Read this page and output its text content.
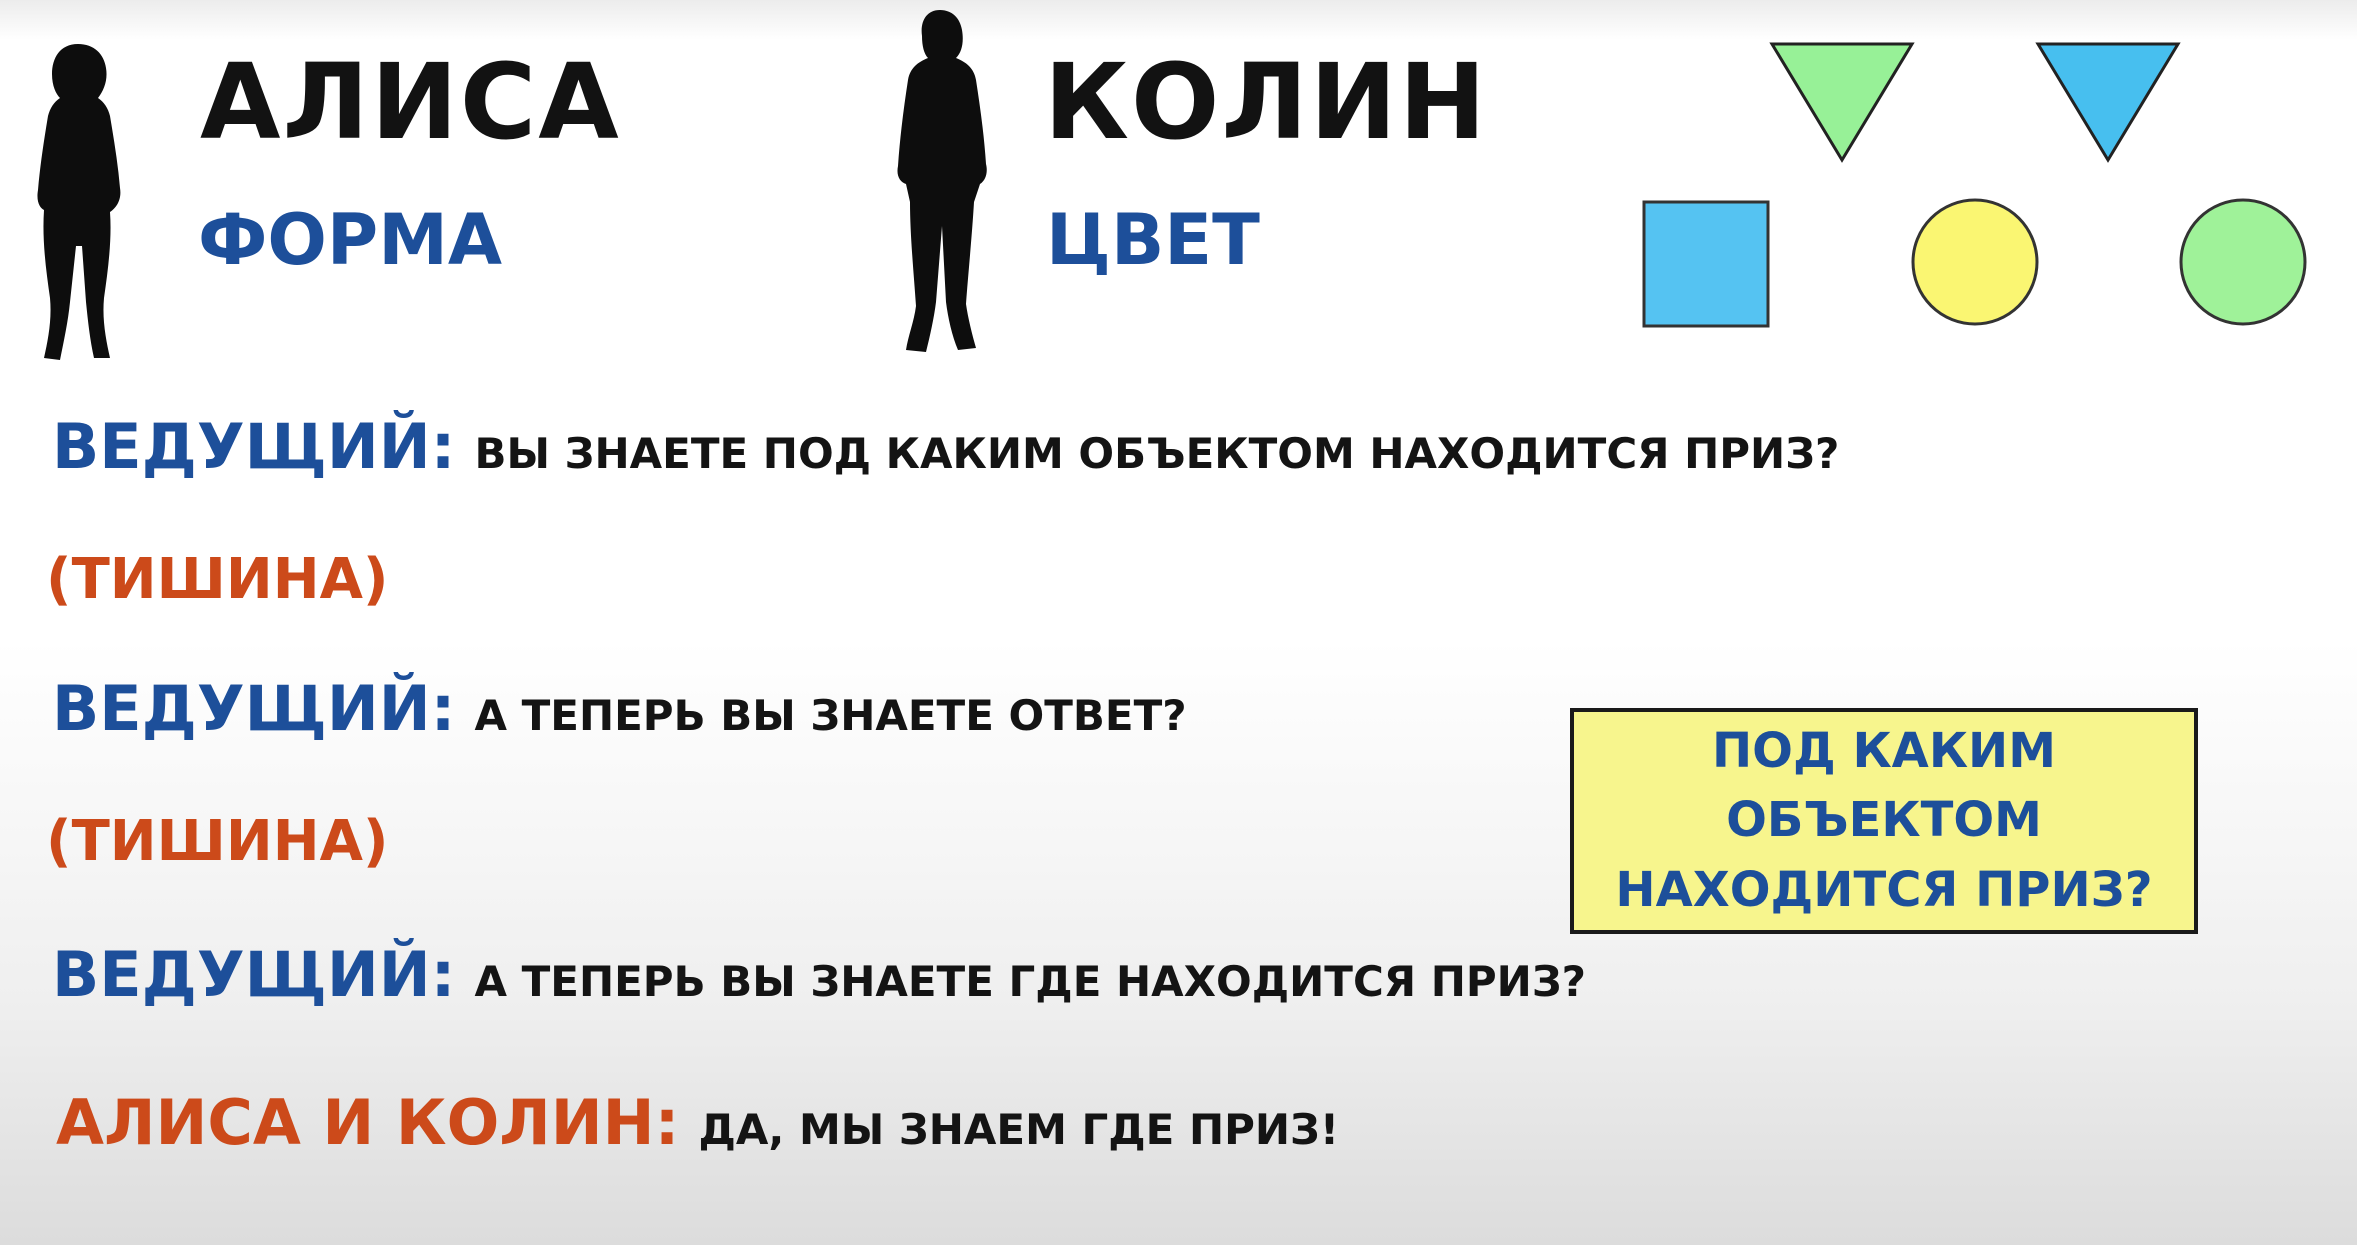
АЛИСА
ФОРМА
КОЛИН
ЦВЕТ
ВЕДУЩИЙ: ВЫ ЗНАЕТЕ ПОД КАКИМ ОБЪЕКТОМ НАХОДИТСЯ ПРИЗ?
(ТИШИНА)
ВЕДУЩИЙ: А ТЕПЕРЬ ВЫ ЗНАЕТЕ ОТВЕТ?
(ТИШИНА)
ВЕДУЩИЙ: А ТЕПЕРЬ ВЫ ЗНАЕТЕ ГДЕ НАХОДИТСЯ ПРИЗ?
АЛИСА И КОЛИН: ДА, МЫ ЗНАЕМ ГДЕ ПРИЗ!
ПОД КАКИМ ОБЪЕКТОМ НАХОДИТСЯ ПРИЗ?
